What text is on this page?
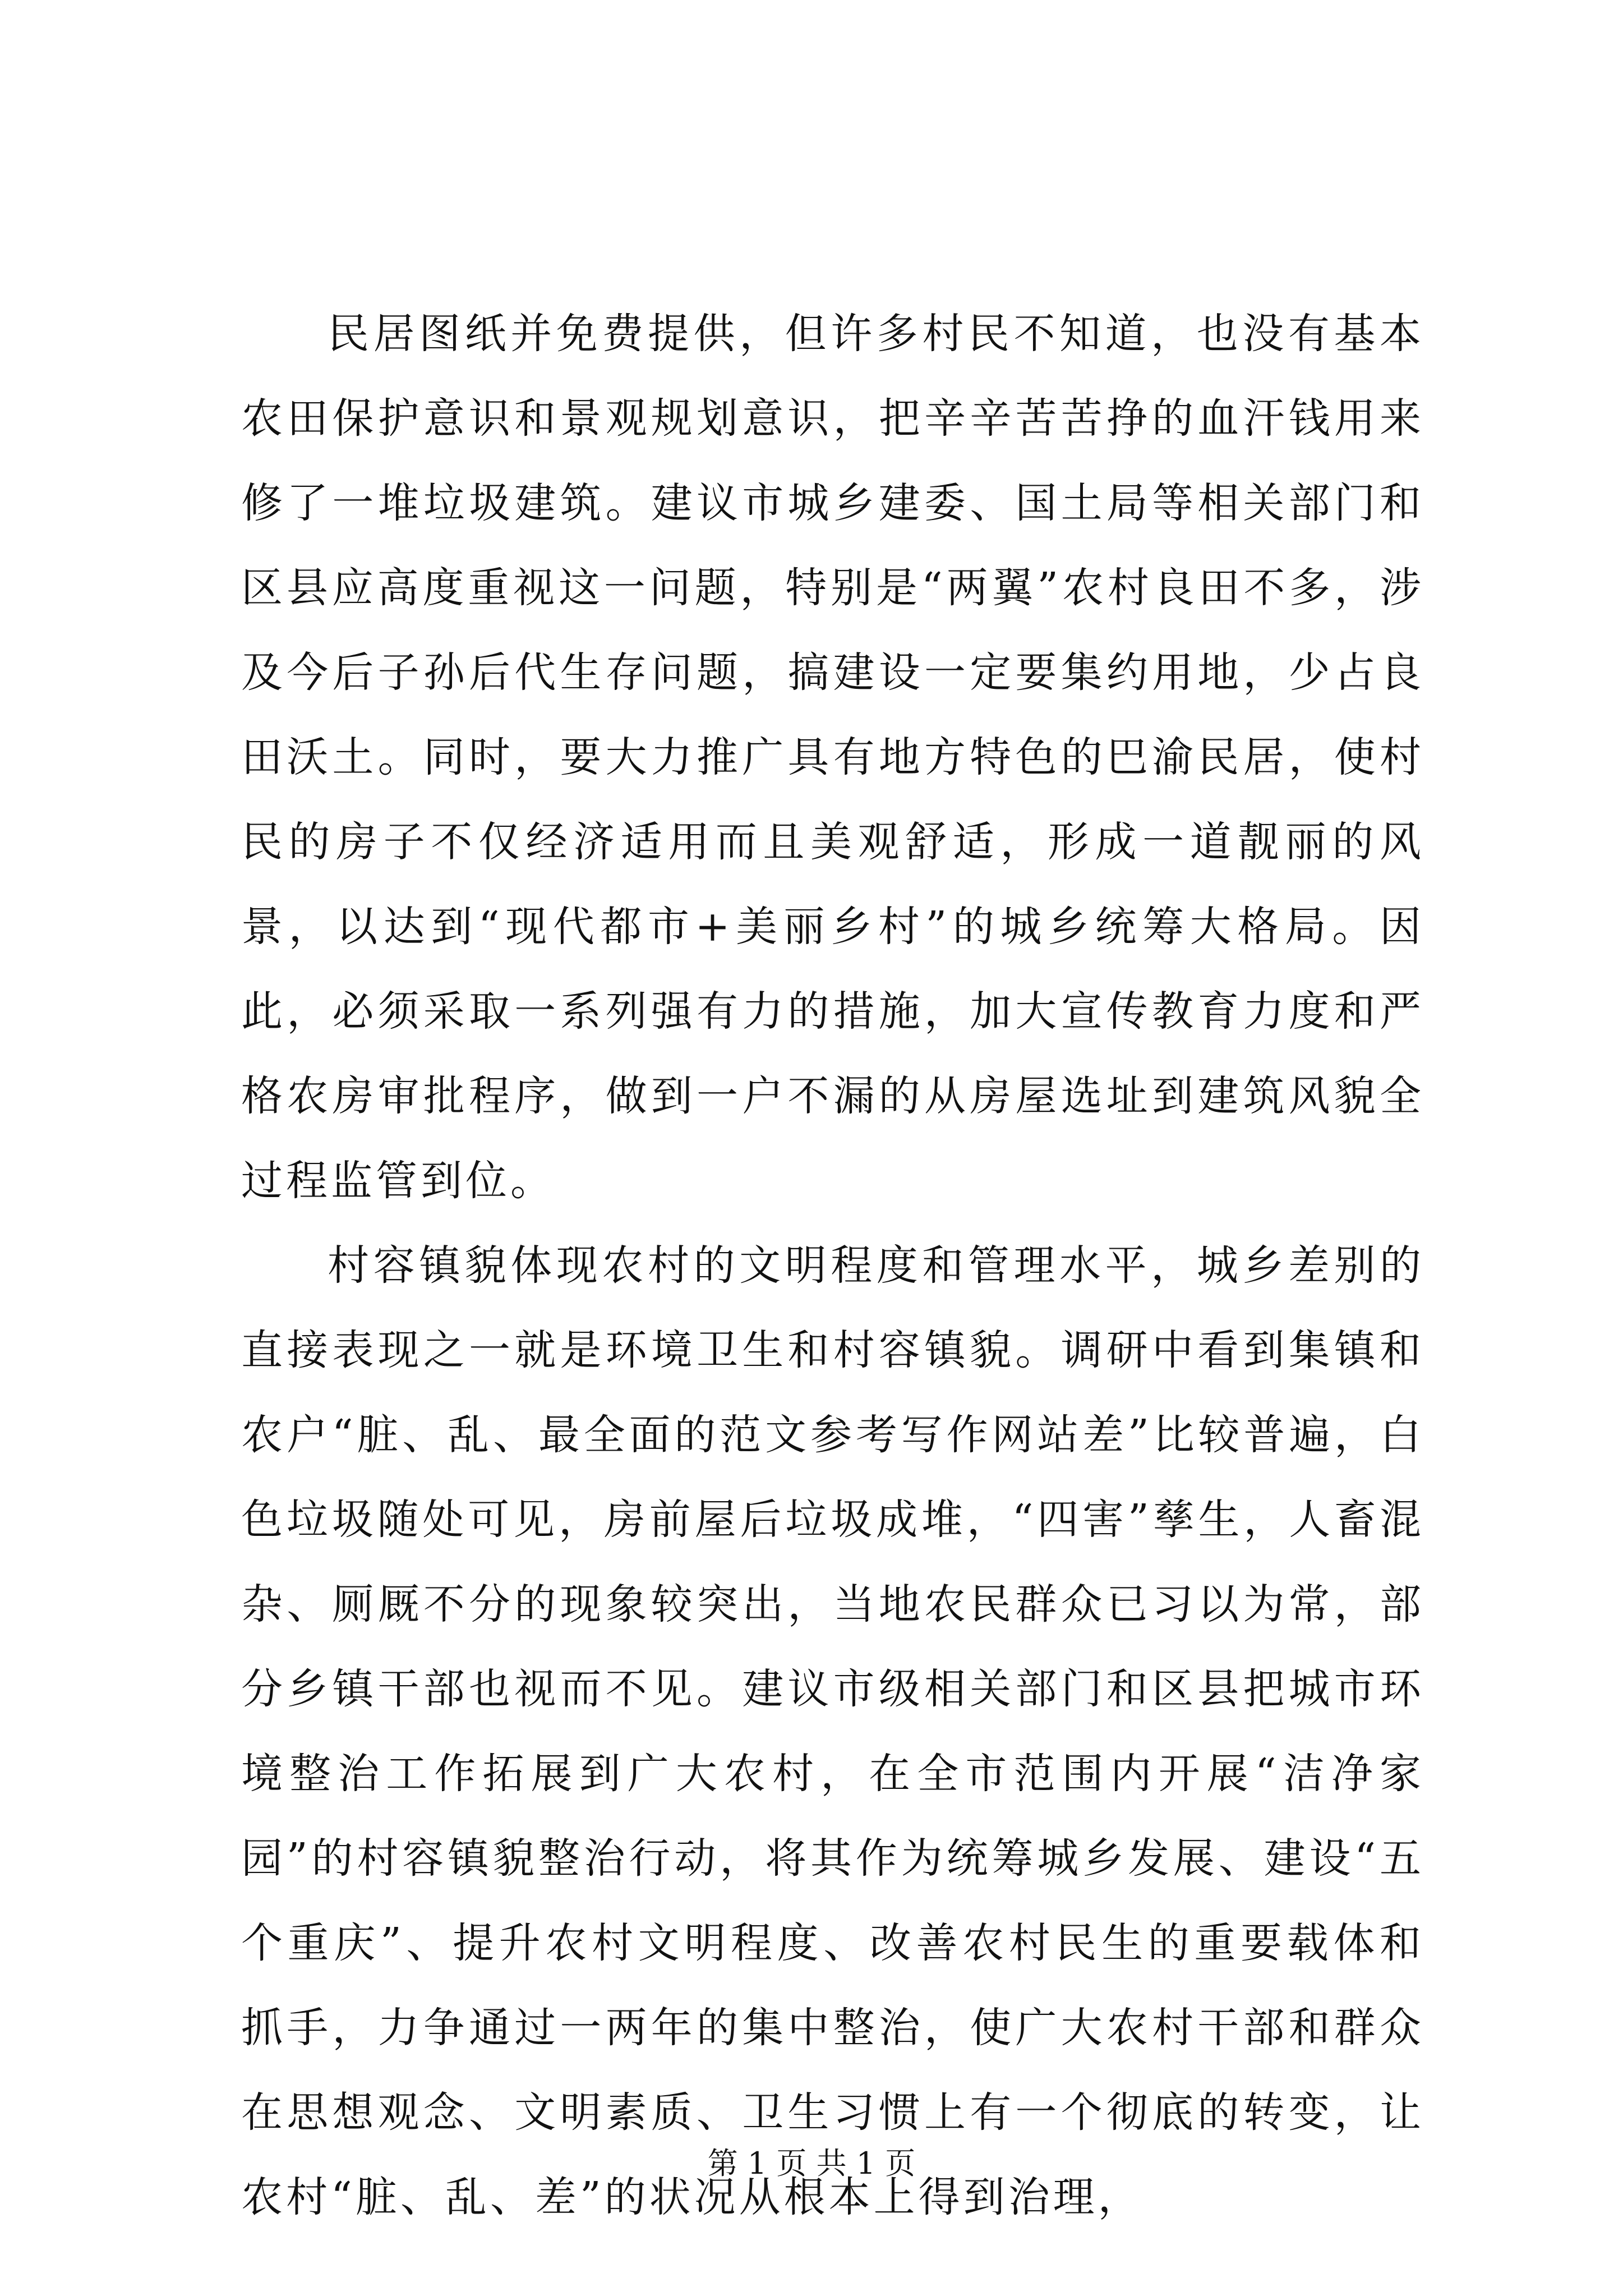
民居图纸并免费提供，但许多村民不知道，也没有基本农田保护意识和景观规划意识，把辛辛苦苦挣的血汗钱用来修了一堆垃圾建筑。建议市城乡建委、国土局等相关部门和区县应高度重视这一问题，特别是“两翼”农村良田不多，涉及今后子孙后代生存问题，搞建设一定要集约用地，少占良田沃土。同时，要大力推广具有地方特色的巴渝民居，使村民的房子不仅经济适用而且美观舒适，形成一道靓丽的风景，以达到“现代都市+美丽乡村”的城乡统筹大格局。因此，必须采取一系列强有力的措施，加大宣传教育力度和严格农房审批程序，做到一户不漏的从房屋选址到建筑风貌全过程监管到位。

村容镇貌体现农村的文明程度和管理水平，城乡差别的直接表现之一就是环境卫生和村容镇貌。调研中看到集镇和农户“脏、乱、最全面的范文参考写作网站差”比较普遍，白色垃圾随处可见，房前屋后垃圾成堆，“四害”孳生，人畜混杂、厕厩不分的现象较突出，当地农民群众已习以为常，部分乡镇干部也视而不见。建议市级相关部门和区县把城市环境整治工作拓展到广大农村，在全市范围内开展“洁净家园”的村容镇貌整治行动，将其作为统筹城乡发展、建设“五个重庆”、提升农村文明程度、改善农村民生的重要载体和抓手，力争通过一两年的集中整治，使广大农村干部和群众在思想观念、文明素质、卫生习惯上有一个彻底的转变，让农村“脏、乱、差”的状况从根本上得到治理，

第 1 页 共 1 页
